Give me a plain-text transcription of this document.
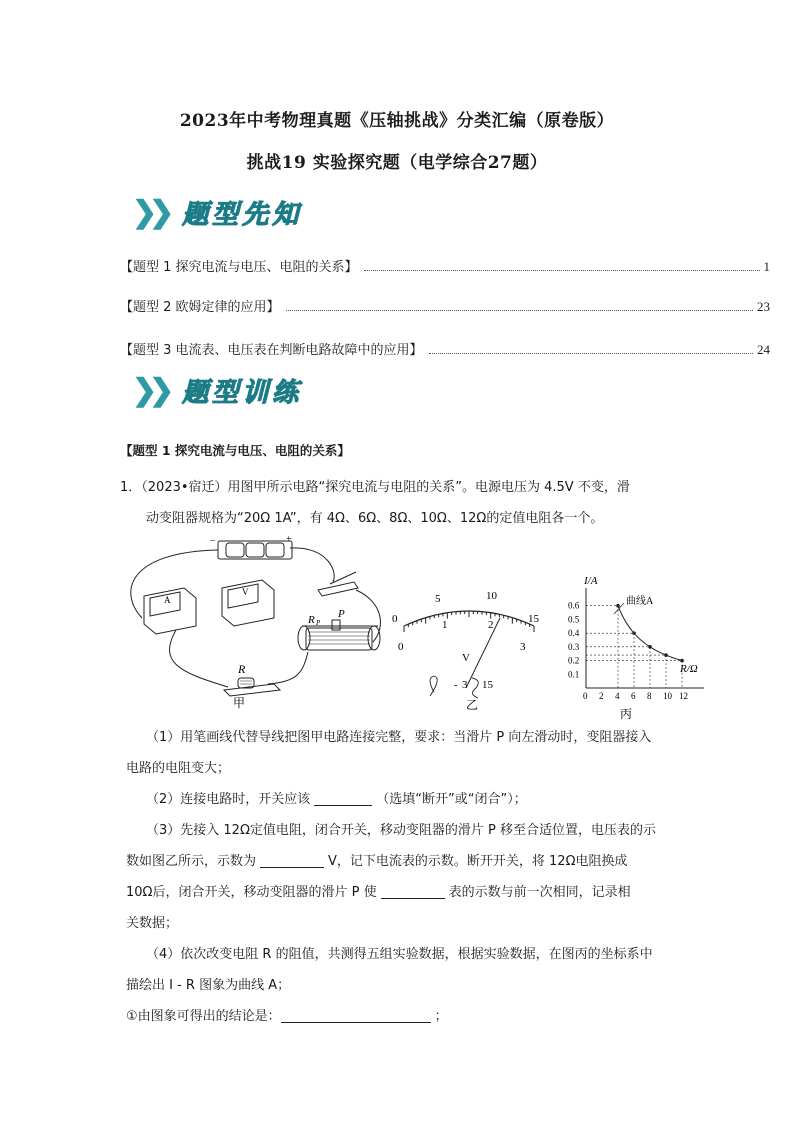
2023年中考物理真题《压轴挑战》分类汇编（原卷版）
挑战19 实验探究题（电学综合27题）
❯❯ 题型先知
【题型 1 探究电流与电压、电阻的关系】	1
【题型 2 欧姆定律的应用】	23
【题型 3 电流表、电压表在判断电路故障中的应用】	24
❯❯ 题型训练
【题型 1 探究电流与电压、电阻的关系】
1．（2023•宿迁）用图甲所示电路“探究电流与电阻的关系”。电源电压为 4.5V 不变，滑
动变阻器规格为“20Ω 1A”，有 4Ω、6Ω、8Ω、10Ω、12Ω的定值电阻各一个。
A
V
−	+
R
R P
P
甲
0
5	10
15
0
1	2
3
V
- 3 15
乙
0.6
0.5
0.4
0.3
0.2
0.1
0 2 4 6 8 10 12
I/A
R/Ω
曲线A
丙
（1）用笔画线代替导线把图甲电路连接完整，要求：当滑片 P 向左滑动时，变阻器接入
电路的电阻变大；
（2）连接电路时，开关应该	（选填“断开”或“闭合”）；
（3）先接入 12Ω定值电阻，闭合开关，移动变阻器的滑片 P 移至合适位置，电压表的示
数如图乙所示，示数为	V，记下电流表的示数。断开开关，将 12Ω电阻换成
10Ω后，闭合开关，移动变阻器的滑片 P 使	表的示数与前一次相同，记录相
关数据；
（4）依次改变电阻 R 的阻值，共测得五组实验数据，根据实验数据，在图丙的坐标系中
描绘出 I - R 图象为曲线 A；
①由图象可得出的结论是：	；
